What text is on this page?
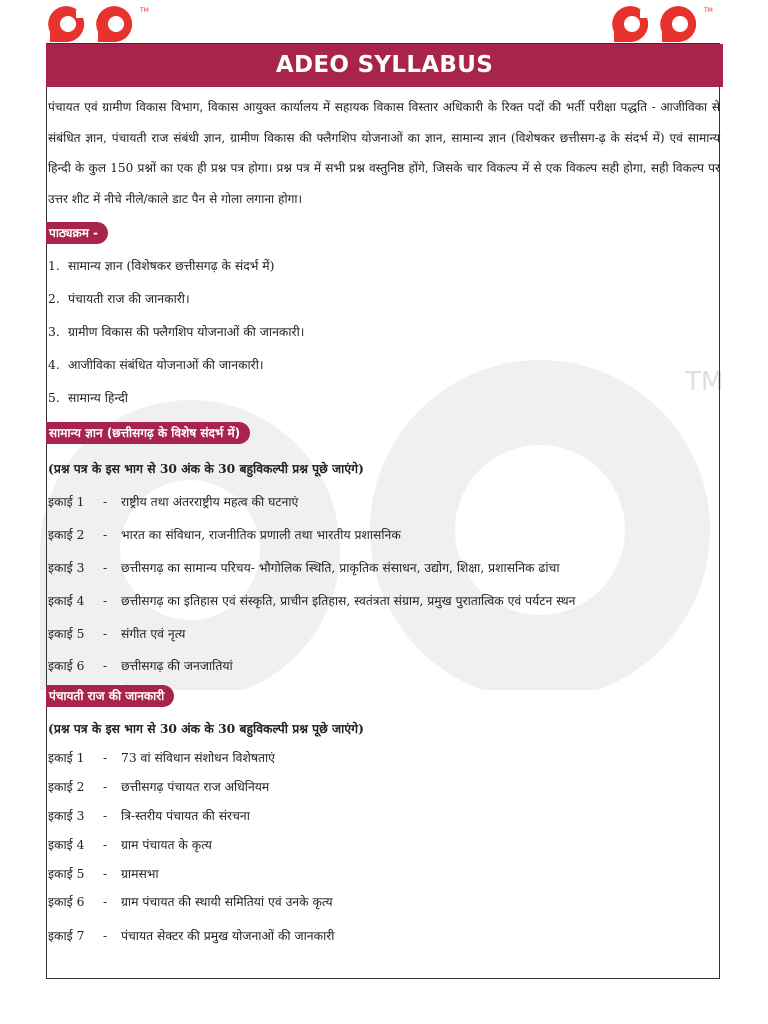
TM	TM
TM
ADEO SYLLABUS
पंचायत एवं ग्रामीण विकास विभाग, विकास आयुक्त कार्यालय में सहायक विकास विस्तार अधिकारी के रिक्त पदों की भर्ती परीक्षा पद्धति - आजीविका से संबंधित ज्ञान, पंचायती राज संबंधी ज्ञान, ग्रामीण विकास की फ्लैगशिप योजनाओं का ज्ञान, सामान्य ज्ञान (विशेषकर छत्तीसग-ढ़ के संदर्भ में) एवं सामान्य हिन्दी के कुल 150 प्रश्नों का एक ही प्रश्न पत्र होगा। प्रश्न पत्र में सभी प्रश्न वस्तुनिष्ठ होंगे, जिसके चार विकल्प में से एक विकल्प सही होगा, सही विकल्प पर उत्तर शीट में नीचे नीले/काले डाट पैन से गोला लगाना होगा।
पाठ्यक्रम -
1. सामान्य ज्ञान (विशेषकर छत्तीसगढ़ के संदर्भ में)
2. पंचायती राज की जानकारी।
3. ग्रामीण विकास की फ्लैगशिप योजनाओं की जानकारी।
4. आजीविका संबंधित योजनाओं की जानकारी।
5. सामान्य हिन्दी
सामान्य ज्ञान (छत्तीसगढ़ के विशेष संदर्भ में)
(प्रश्न पत्र के इस भाग से 30 अंक के 30 बहुविकल्पी प्रश्न पूछे जाएंगे)
इकाई 1 - राष्ट्रीय तथा अंतरराष्ट्रीय महत्व की घटनाएं
इकाई 2 - भारत का संविधान, राजनीतिक प्रणाली तथा भारतीय प्रशासनिक
इकाई 3 - छत्तीसगढ़ का सामान्य परिचय- भौगोलिक स्थिति, प्राकृतिक संसाधन, उद्योग, शिक्षा, प्रशासनिक ढांचा
इकाई 4 - छत्तीसगढ़ का इतिहास एवं संस्कृति, प्राचीन इतिहास, स्वतंत्रता संग्राम, प्रमुख पुरातात्विक एवं पर्यटन स्थन
इकाई 5 - संगीत एवं नृत्य
इकाई 6 - छत्तीसगढ़ की जनजातियां
पंचायती राज की जानकारी
(प्रश्न पत्र के इस भाग से 30 अंक के 30 बहुविकल्पी प्रश्न पूछे जाएंगे)
इकाई 1 - 73 वां संविधान संशोधन विशेषताएं
इकाई 2 - छत्तीसगढ़ पंचायत राज अधिनियम
इकाई 3 - त्रि-स्तरीय पंचायत की संरचना
इकाई 4 - ग्राम पंचायत के कृत्य
इकाई 5 - ग्रामसभा
इकाई 6 - ग्राम पंचायत की स्थायी समितियां एवं उनके कृत्य
इकाई 7 - पंचायत सेक्टर की प्रमुख योजनाओं की जानकारी
